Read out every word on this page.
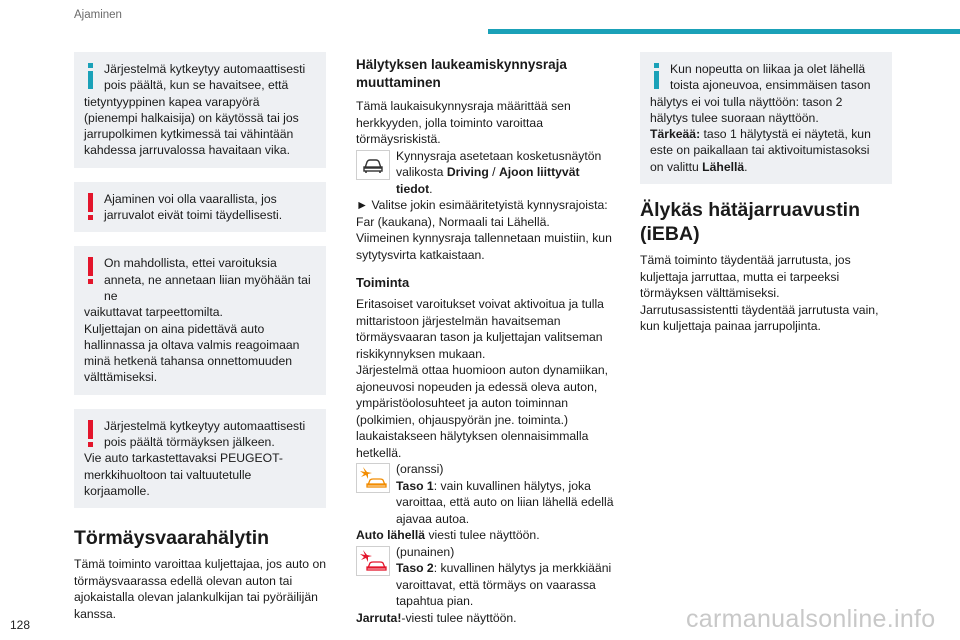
Ajaminen

Järjestelmä kytkeytyy automaattisesti pois päältä, kun se havaitsee, että

tietyntyyppinen kapea varapyörä (pienempi halkaisija) on käytössä tai jos jarrupolkimen kytkimessä tai vähintään kahdessa jarruvalossa havaitaan vika.

Ajaminen voi olla vaarallista, jos jarruvalot eivät toimi täydellisesti.

On mahdollista, ettei varoituksia anneta, ne annetaan liian myöhään tai ne

vaikuttavat tarpeettomilta.

Kuljettajan on aina pidettävä auto hallinnassa ja oltava valmis reagoimaan minä hetkenä tahansa onnettomuuden välttämiseksi.

Järjestelmä kytkeytyy automaattisesti pois päältä törmäyksen jälkeen.

Vie auto tarkastettavaksi PEUGEOT-merkkihuoltoon tai valtuutetulle korjaamolle.

Törmäysvaarahälytin

Tämä toiminto varoittaa kuljettajaa, jos auto on törmäysvaarassa edellä olevan auton tai ajokaistalla olevan jalankulkijan tai pyöräilijän kanssa.

Hälytyksen laukeamiskynnysraja muuttaminen

Tämä laukaisukynnysraja määrittää sen herkkyyden, jolla toiminto varoittaa törmäysriskistä.

Kynnysraja asetetaan kosketusnäytön valikosta Driving / Ajoon liittyvät tiedot.

► Valitse jokin esimääritetyistä kynnysrajoista: Far (kaukana), Normaali tai Lähellä.

Viimeinen kynnysraja tallennetaan muistiin, kun sytytysvirta katkaistaan.

Toiminta

Eritasoiset varoitukset voivat aktivoitua ja tulla mittaristoon järjestelmän havaitseman törmäysvaaran tason ja kuljettajan valitseman riskikynnyksen mukaan.

Järjestelmä ottaa huomioon auton dynamiikan, ajoneuvosi nopeuden ja edessä oleva auton, ympäristöolosuhteet ja auton toiminnan (polkimien, ohjauspyörän jne. toiminta.) laukaistakseen hälytyksen olennaisimmalla hetkellä.

(oranssi)

Taso 1: vain kuvallinen hälytys, joka varoittaa, että auto on liian lähellä edellä ajavaa autoa.

Auto lähellä viesti tulee näyttöön.

(punainen)

Taso 2: kuvallinen hälytys ja merkkiääni varoittavat, että törmäys on vaarassa tapahtua pian.

Jarruta!-viesti tulee näyttöön.

Kun nopeutta on liikaa ja olet lähellä toista ajoneuvoa, ensimmäisen tason

hälytys ei voi tulla näyttöön: tason 2 hälytys tulee suoraan näyttöön.

Tärkeää: taso 1 hälytystä ei näytetä, kun este on paikallaan tai aktivoitumistasoksi on valittu Lähellä.

Älykäs hätäjarruavustin (iEBA)

Tämä toiminto täydentää jarrutusta, jos kuljettaja jarruttaa, mutta ei tarpeeksi törmäyksen välttämiseksi.

Jarrutusassistentti täydentää jarrutusta vain, kun kuljettaja painaa jarrupoljinta.

128	carmanualsonline.info
